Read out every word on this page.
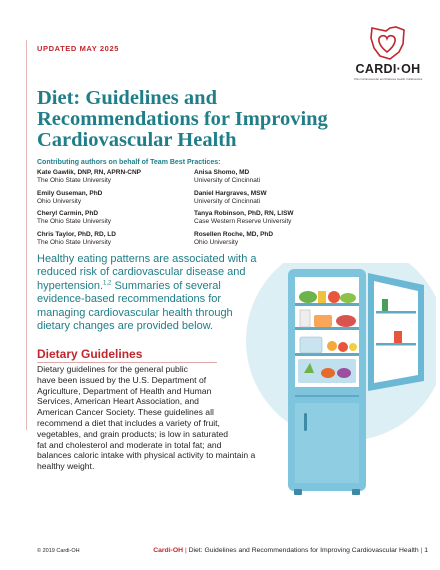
UPDATED MAY 2025
CARDI·OH
Ohio Cardiovascular and Diabetes Health Collaborative
Diet: Guidelines and
Recommendations for Improving
Cardiovascular Health
Contributing authors on behalf of Team Best Practices:
Kate Gawlik, DNP, RN, APRN-CNP
The Ohio State University
Emily Guseman, PhD
Ohio University
Cheryl Carmin, PhD
The Ohio State University
Chris Taylor, PhD, RD, LD
The Ohio State University
Anisa Shomo, MD
University of Cincinnati
Daniel Hargraves, MSW
University of Cincinnati
Tanya Robinson, PhD, RN, LISW
Case Western Reserve University
Rosellen Roche, MD, PhD
Ohio University
Healthy eating patterns are associated with a reduced risk of cardiovascular disease and hypertension.$^{1,2}$ Summaries of several evidence-based recommendations for managing cardiovascular health through dietary changes are provided below.
Dietary Guidelines
Dietary guidelines for the general public
have been issued by the U.S. Department of
Agriculture, Department of Health and Human
Services, American Heart Association, and
American Cancer Society. These guidelines all
recommend a diet that includes a variety of fruit,
vegetables, and grain products; is low in saturated
fat and cholesterol and moderate in total fat; and
balances caloric intake with physical activity to maintain a
healthy weight.
© 2019 Cardi-OH	Cardi-OH | Diet: Guidelines and Recommendations for Improving Cardiovascular Health | 1
